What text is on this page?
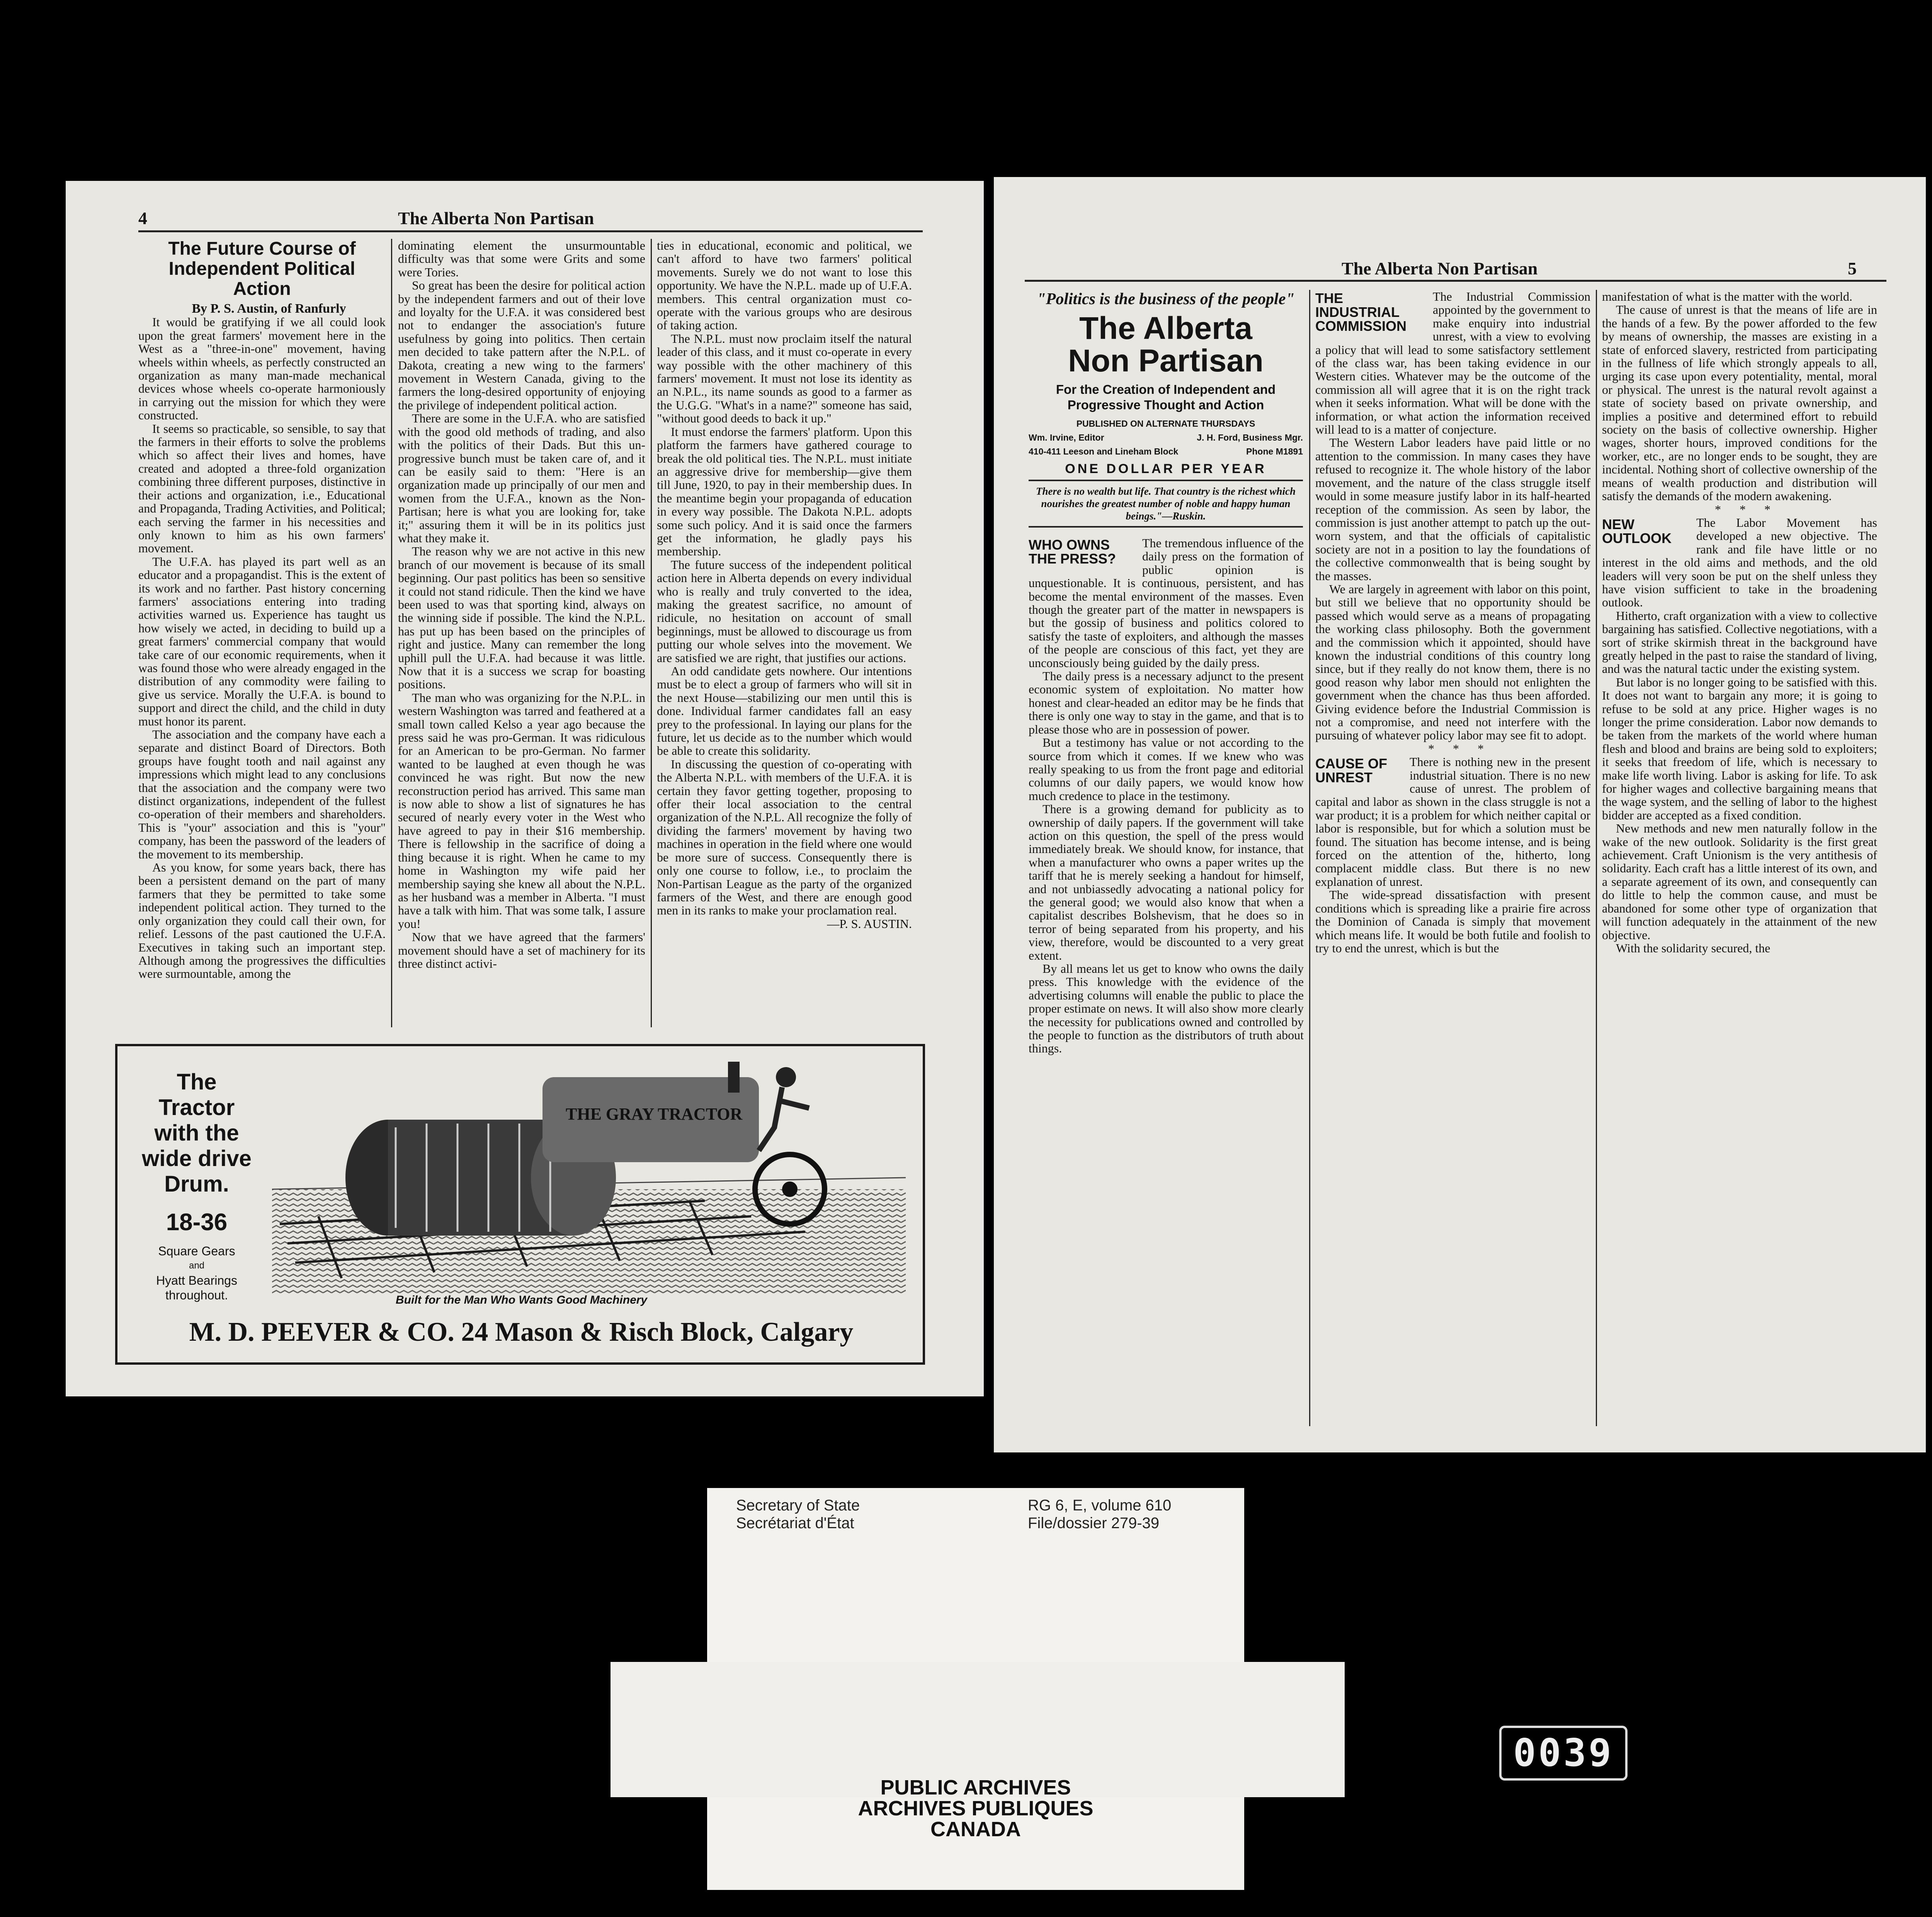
4	The Alberta Non Partisan
The Future Course of Independent Political Action

By P. S. Austin, of Ranfurly

It would be gratifying if we all could look upon the great farmers' movement here in the West as a "three-in-one" movement, having wheels within wheels, as perfectly constructed an organization as many man-made mechanical devices whose wheels co-operate harmoniously in carrying out the mission for which they were constructed.

It seems so practicable, so sensible, to say that the farmers in their efforts to solve the problems which so affect their lives and homes, have created and adopted a three-fold organization combining three different purposes, distinctive in their actions and organization, i.e., Educational and Propaganda, Trading Activities, and Political; each serving the farmer in his necessities and only known to him as his own farmers' movement.

The U.F.A. has played its part well as an educator and a propagandist. This is the extent of its work and no farther. Past history concerning farmers' associations entering into trading activities warned us. Experience has taught us how wisely we acted, in deciding to build up a great farmers' commercial company that would take care of our economic requirements, when it was found those who were already engaged in the distribution of any commodity were failing to give us service. Morally the U.F.A. is bound to support and direct the child, and the child in duty must honor its parent.

The association and the company have each a separate and distinct Board of Directors. Both groups have fought tooth and nail against any impressions which might lead to any conclusions that the association and the company were two distinct organizations, independent of the fullest co-operation of their members and shareholders. This is "your" association and this is "your" company, has been the password of the leaders of the movement to its membership.

As you know, for some years back, there has been a persistent demand on the part of many farmers that they be permitted to take some independent political action. They turned to the only organization they could call their own, for relief. Lessons of the past cautioned the U.F.A. Executives in taking such an important step. Although among the progressives the difficulties were surmountable, among the

dominating element the unsurmountable difficulty was that some were Grits and some were Tories.

So great has been the desire for political action by the independent farmers and out of their love and loyalty for the U.F.A. it was considered best not to endanger the association's future usefulness by going into politics. Then certain men decided to take pattern after the N.P.L. of Dakota, creating a new wing to the farmers' movement in Western Canada, giving to the farmers the long-desired opportunity of enjoying the privilege of independent political action.

There are some in the U.F.A. who are satisfied with the good old methods of trading, and also with the politics of their Dads. But this un-progressive bunch must be taken care of, and it can be easily said to them: "Here is an organization made up principally of our men and women from the U.F.A., known as the Non-Partisan; here is what you are looking for, take it;" assuring them it will be in its politics just what they make it.

The reason why we are not active in this new branch of our movement is because of its small beginning. Our past politics has been so sensitive it could not stand ridicule. Then the kind we have been used to was that sporting kind, always on the winning side if possible. The kind the N.P.L. has put up has been based on the principles of right and justice. Many can remember the long uphill pull the U.F.A. had because it was little. Now that it is a success we scrap for boasting positions.

The man who was organizing for the N.P.L. in western Washington was tarred and feathered at a small town called Kelso a year ago because the press said he was pro-German. It was ridiculous for an American to be pro-German. No farmer wanted to be laughed at even though he was convinced he was right. But now the new reconstruction period has arrived. This same man is now able to show a list of signatures he has secured of nearly every voter in the West who have agreed to pay in their $16 membership. There is fellowship in the sacrifice of doing a thing because it is right. When he came to my home in Washington my wife paid her membership saying she knew all about the N.P.L. as her husband was a member in Alberta. "I must have a talk with him. That was some talk, I assure you!

Now that we have agreed that the farmers' movement should have a set of machinery for its three distinct activi-

ties in educational, economic and political, we can't afford to have two farmers' political movements. Surely we do not want to lose this opportunity. We have the N.P.L. made up of U.F.A. members. This central organization must co-operate with the various groups who are desirous of taking action.

The N.P.L. must now proclaim itself the natural leader of this class, and it must co-operate in every way possible with the other machinery of this farmers' movement. It must not lose its identity as an N.P.L., its name sounds as good to a farmer as the U.G.G. "What's in a name?" someone has said, "without good deeds to back it up."

It must endorse the farmers' platform. Upon this platform the farmers have gathered courage to break the old political ties. The N.P.L. must initiate an aggressive drive for membership—give them till June, 1920, to pay in their membership dues. In the meantime begin your propaganda of education in every way possible. The Dakota N.P.L. adopts some such policy. And it is said once the farmers get the information, he gladly pays his membership.

The future success of the independent political action here in Alberta depends on every individual who is really and truly converted to the idea, making the greatest sacrifice, no amount of ridicule, no hesitation on account of small beginnings, must be allowed to discourage us from putting our whole selves into the movement. We are satisfied we are right, that justifies our actions.

An odd candidate gets nowhere. Our intentions must be to elect a group of farmers who will sit in the next House—stabilizing our men until this is done. Individual farmer candidates fall an easy prey to the professional. In laying our plans for the future, let us decide as to the number which would be able to create this solidarity.

In discussing the question of co-operating with the Alberta N.P.L. with members of the U.F.A. it is certain they favor getting together, proposing to offer their local association to the central organization of the N.P.L. All recognize the folly of dividing the farmers' movement by having two machines in operation in the field where one would be more sure of success. Consequently there is only one course to follow, i.e., to proclaim the Non-Partisan League as the party of the organized farmers of the West, and there are enough good men in its ranks to make your proclamation real.

—P. S. AUSTIN.

The

Tractor

with the

wide drive

Drum.

18-36

Square Gears

and

Hyatt Bearings

throughout.

THE GRAY TRACTOR
Built for the Man Who Wants Good Machinery
M. D. PEEVER & CO. 24 Mason & Risch Block, Calgary
The Alberta Non Partisan	5

"Politics is the business of the people"

The Alberta

Non Partisan

For the Creation of Independent and
Progressive Thought and Action

PUBLISHED ON ALTERNATE THURSDAYS

Wm. Irvine, Editor	J. H. Ford, Business Mgr.

410-411 Leeson and Lineham Block	Phone M1891

ONE DOLLAR PER YEAR

There is no wealth but life. That country is the richest which nourishes the greatest number of noble and happy human beings."—Ruskin.
WHO OWNS THE PRESS?

The tremendous influence of the daily press on the formation of public opinion is unquestionable. It is continuous, persistent, and has become the mental environment of the masses. Even though the greater part of the matter in newspapers is but the gossip of business and politics colored to satisfy the taste of exploiters, and although the masses of the people are conscious of this fact, yet they are unconsciously being guided by the daily press.

The daily press is a necessary adjunct to the present economic system of exploitation. No matter how honest and clear-headed an editor may be he finds that there is only one way to stay in the game, and that is to please those who are in possession of power.

But a testimony has value or not according to the source from which it comes. If we knew who was really speaking to us from the front page and editorial columns of our daily papers, we would know how much credence to place in the testimony.

There is a growing demand for publicity as to ownership of daily papers. If the government will take action on this question, the spell of the press would immediately break. We should know, for instance, that when a manufacturer who owns a paper writes up the tariff that he is merely seeking a handout for himself, and not unbiassedly advocating a national policy for the general good; we would also know that when a capitalist describes Bolshevism, that he does so in terror of being separated from his property, and his view, therefore, would be discounted to a very great extent.

By all means let us get to know who owns the daily press. This knowledge with the evidence of the advertising columns will enable the public to place the proper estimate on news. It will also show more clearly the necessity for publications owned and controlled by the people to function as the distributors of truth about things.

THE INDUSTRIAL COMMISSION

The Industrial Commission appointed by the government to make enquiry into industrial unrest, with a view to evolving a policy that will lead to some satisfactory settlement of the class war, has been taking evidence in our Western cities. Whatever may be the outcome of the commission all will agree that it is on the right track when it seeks information. What will be done with the information, or what action the information received will lead to is a matter of conjecture.

The Western Labor leaders have paid little or no attention to the commission. In many cases they have refused to recognize it. The whole history of the labor movement, and the nature of the class struggle itself would in some measure justify labor in its half-hearted reception of the commission. As seen by labor, the commission is just another attempt to patch up the out-worn system, and that the officials of capitalistic society are not in a position to lay the foundations of the collective commonwealth that is being sought by the masses.

We are largely in agreement with labor on this point, but still we believe that no opportunity should be passed which would serve as a means of propagating the working class philosophy. Both the government and the commission which it appointed, should have known the industrial conditions of this country long since, but if they really do not know them, there is no good reason why labor men should not enlighten the government when the chance has thus been afforded. Giving evidence before the Industrial Commission is not a compromise, and need not interfere with the pursuing of whatever policy labor may see fit to adopt.

* * *

CAUSE OF UNREST

There is nothing new in the present industrial situation. There is no new cause of unrest. The problem of capital and labor as shown in the class struggle is not a war product; it is a problem for which neither capital or labor is responsible, but for which a solution must be found. The situation has become intense, and is being forced on the attention of the, hitherto, long complacent middle class. But there is no new explanation of unrest.

The wide-spread dissatisfaction with present conditions which is spreading like a prairie fire across the Dominion of Canada is simply that movement which means life. It would be both futile and foolish to try to end the unrest, which is but the

manifestation of what is the matter with the world.

The cause of unrest is that the means of life are in the hands of a few. By the power afforded to the few by means of ownership, the masses are existing in a state of enforced slavery, restricted from participating in the fullness of life which strongly appeals to all, urging its case upon every potentiality, mental, moral or physical. The unrest is the natural revolt against a state of society based on private ownership, and implies a positive and determined effort to rebuild society on the basis of collective ownership. Higher wages, shorter hours, improved conditions for the worker, etc., are no longer ends to be sought, they are incidental. Nothing short of collective ownership of the means of wealth production and distribution will satisfy the demands of the modern awakening.

* * *

NEW OUTLOOK

The Labor Movement has developed a new objective. The rank and file have little or no interest in the old aims and methods, and the old leaders will very soon be put on the shelf unless they have vision sufficient to take in the broadening outlook.

Hitherto, craft organization with a view to collective bargaining has satisfied. Collective negotiations, with a sort of strike skirmish threat in the background have greatly helped in the past to raise the standard of living, and was the natural tactic under the existing system.

But labor is no longer going to be satisfied with this. It does not want to bargain any more; it is going to refuse to be sold at any price. Higher wages is no longer the prime consideration. Labor now demands to be taken from the markets of the world where human flesh and blood and brains are being sold to exploiters; it seeks that freedom of life, which is necessary to make life worth living. Labor is asking for life. To ask for higher wages and collective bargaining means that the wage system, and the selling of labor to the highest bidder are accepted as a fixed condition.

New methods and new men naturally follow in the wake of the new outlook. Solidarity is the first great achievement. Craft Unionism is the very antithesis of solidarity. Each craft has a little interest of its own, and a separate agreement of its own, and consequently can do little to help the common cause, and must be abandoned for some other type of organization that will function adequately in the attainment of the new objective.

With the solidarity secured, the

Secretary of State
Secrétariat d'État
RG 6, E, volume 610
File/dossier 279-39
PUBLIC ARCHIVES
ARCHIVES PUBLIQUES
CANADA
0039
